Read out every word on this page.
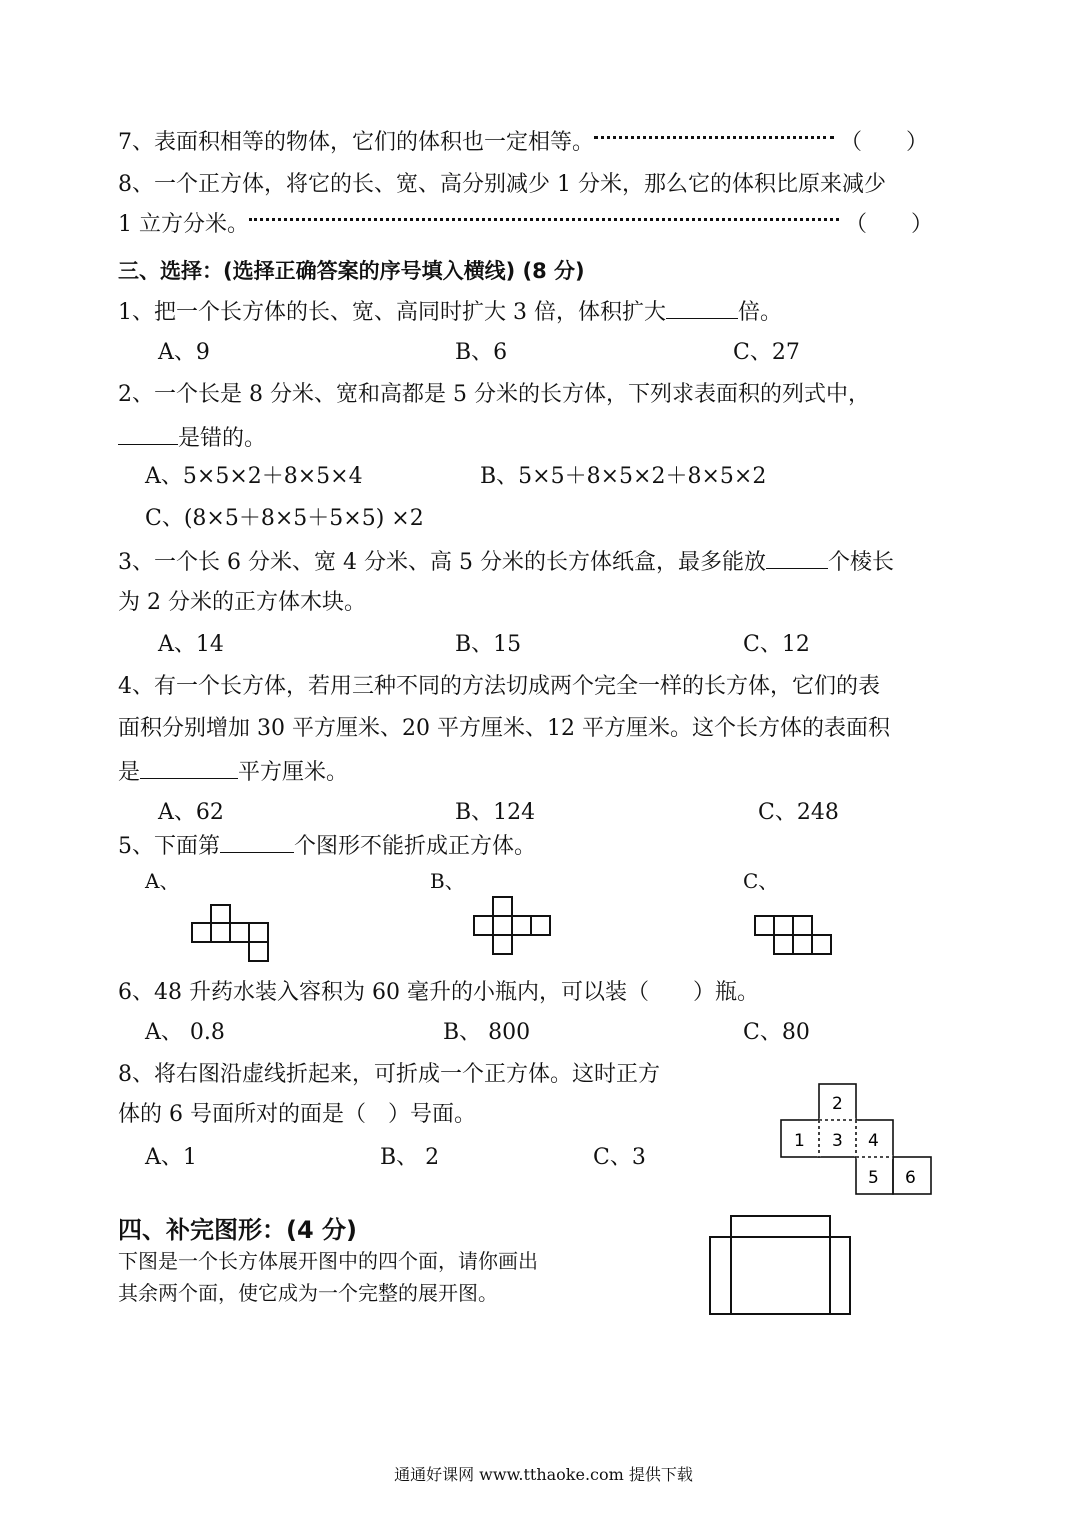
7、表面积相等的物体，它们的体积也一定相等。	（　　）
8、一个正方体，将它的长、宽、高分别减少 1 分米，那么它的体积比原来减少
1 立方分米。	（　　）
三、选择：(选择正确答案的序号填入横线) (8 分)
1、把一个长方体的长、宽、高同时扩大 3 倍，体积扩大	倍。
A、9	B、6	C、27
2、一个长是 8 分米、宽和高都是 5 分米的长方体，下列求表面积的列式中，
是错的。
A、5×5×2＋8×5×4	B、5×5＋8×5×2＋8×5×2
C、(8×5＋8×5＋5×5) ×2
3、一个长 6 分米、宽 4 分米、高 5 分米的长方体纸盒，最多能放	个棱长
为 2 分米的正方体木块。
A、14	B、15	C、12
4、有一个长方体，若用三种不同的方法切成两个完全一样的长方体，它们的表
面积分别增加 30 平方厘米、20 平方厘米、12 平方厘米。这个长方体的表面积
是	平方厘米。
A、62	B、124	C、248
5、下面第	个图形不能折成正方体。
A、	B、	C、
2
1 3 4
5 6
6、48 升药水装入容积为 60 毫升的小瓶内，可以装（　　）瓶。
A、 0.8	B、 800	C、80
8、将右图沿虚线折起来，可折成一个正方体。这时正方
体的 6 号面所对的面是（　）号面。
A、1	B、 2	C、3
四、补完图形：(4 分)
下图是一个长方体展开图中的四个面，请你画出
其余两个面，使它成为一个完整的展开图。
通通好课网 www.tthaoke.com 提供下载
